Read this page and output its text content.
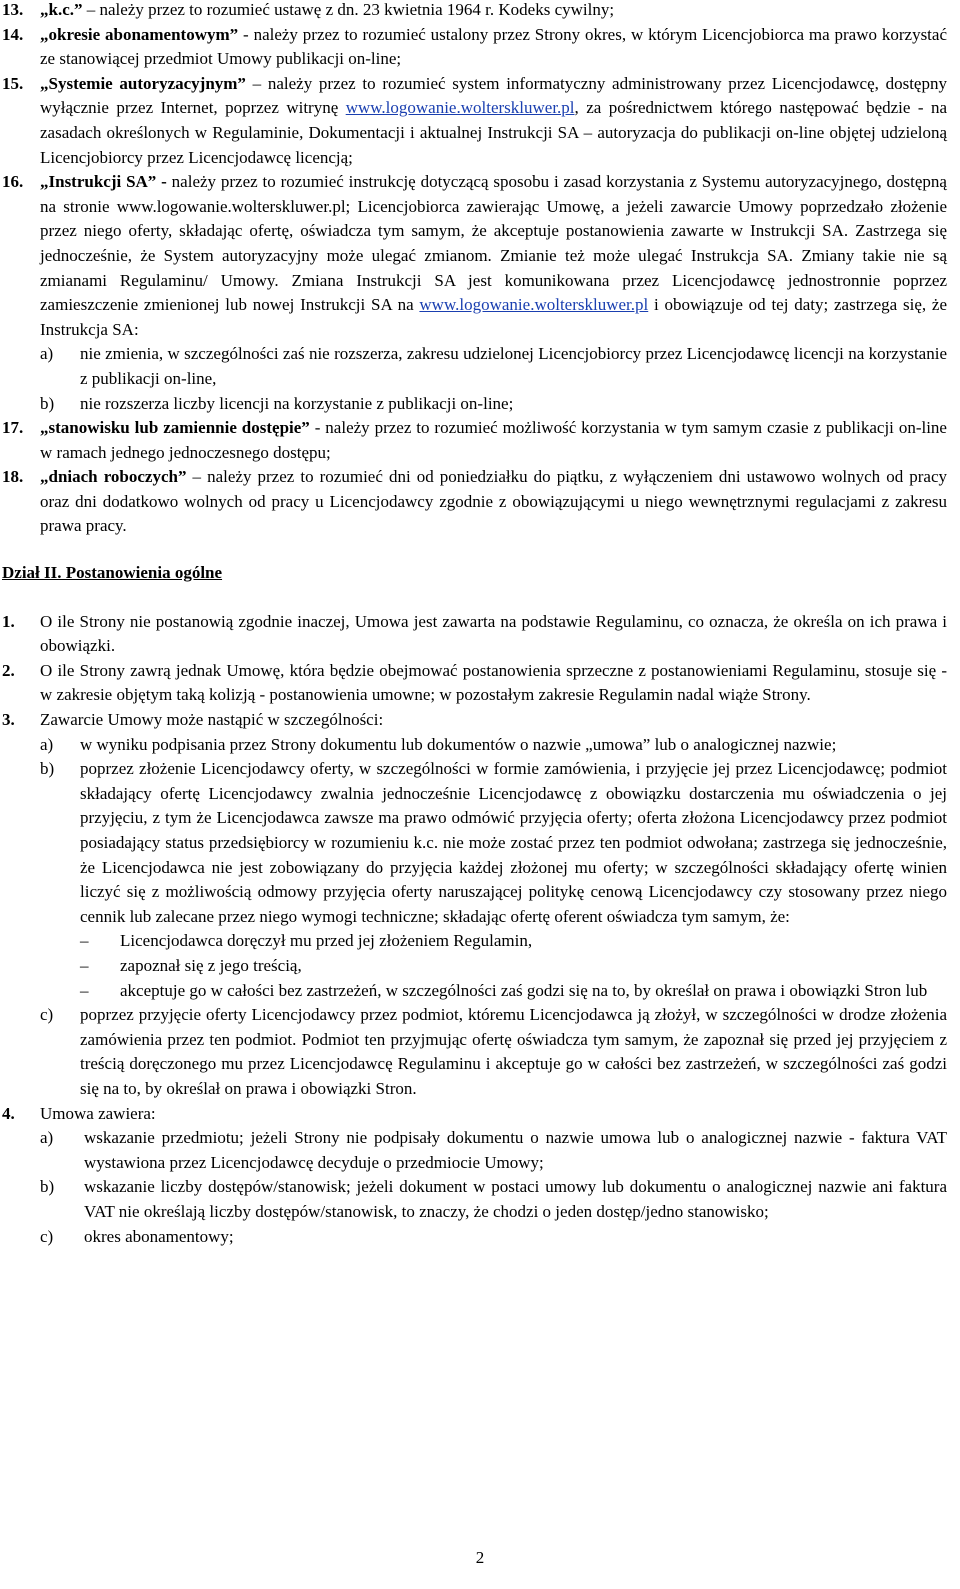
13. „k.c.” – należy przez to rozumieć ustawę z dn. 23 kwietnia 1964 r. Kodeks cywilny;
14. „okresie abonamentowym” - należy przez to rozumieć ustalony przez Strony okres, w którym Licencjobiorca ma prawo korzystać ze stanowiącej przedmiot Umowy publikacji on-line;
15. „Systemie autoryzacyjnym” – należy przez to rozumieć system informatyczny administrowany przez Licencjodawcę, dostępny wyłącznie przez Internet, poprzez witrynę www.logowanie.wolterskluwer.pl, za pośrednictwem którego następować będzie - na zasadach określonych w Regulaminie, Dokumentacji i aktualnej Instrukcji SA – autoryzacja do publikacji on-line objętej udzieloną Licencjobiorcy przez Licencjodawcę licencją;
16. „Instrukcji SA” - należy przez to rozumieć instrukcję dotyczącą sposobu i zasad korzystania z Systemu autoryzacyjnego, dostępną na stronie www.logowanie.wolterskluwer.pl; Licencjobiorca zawierając Umowę, a jeżeli zawarcie Umowy poprzedzało złożenie przez niego oferty, składając ofertę, oświadcza tym samym, że akceptuje postanowienia zawarte w Instrukcji SA. Zastrzega się jednocześnie, że System autoryzacyjny może ulegać zmianom. Zmianie też może ulegać Instrukcja SA. Zmiany takie nie są zmianami Regulaminu/ Umowy. Zmiana Instrukcji SA jest komunikowana przez Licencjodawcę jednostronnie poprzez zamieszczenie zmienionej lub nowej Instrukcji SA na www.logowanie.wolterskluwer.pl i obowiązuje od tej daty; zastrzega się, że Instrukcja SA:
a)	nie zmienia, w szczególności zaś nie rozszerza, zakresu udzielonej Licencjobiorcy przez Licencjodawcę licencji na korzystanie z publikacji on-line,
b)	nie rozszerza liczby licencji na korzystanie z publikacji on-line;
17. „stanowisku lub zamiennie dostępie” - należy przez to rozumieć możliwość korzystania w tym samym czasie z publikacji on-line w ramach jednego jednoczesnego dostępu;
18. „dniach roboczych” – należy przez to rozumieć dni od poniedziałku do piątku, z wyłączeniem dni ustawowo wolnych od pracy oraz dni dodatkowo wolnych od pracy u Licencjodawcy zgodnie z obowiązującymi u niego wewnętrznymi regulacjami z zakresu prawa pracy.
Dział II. Postanowienia ogólne
1.	O ile Strony nie postanowią zgodnie inaczej, Umowa jest zawarta na podstawie Regulaminu, co oznacza, że określa on ich prawa i obowiązki.
2.	O ile Strony zawrą jednak Umowę, która będzie obejmować postanowienia sprzeczne z postanowieniami Regulaminu, stosuje się - w zakresie objętym taką kolizją - postanowienia umowne; w pozostałym zakresie Regulamin nadal wiąże Strony.
3.	Zawarcie Umowy może nastąpić w szczególności:
a)	w wyniku podpisania przez Strony dokumentu lub dokumentów o nazwie „umowa” lub o analogicznej nazwie;
b)	poprzez złożenie Licencjodawcy oferty, w szczególności w formie zamówienia, i przyjęcie jej przez Licencjodawcę; podmiot składający ofertę Licencjodawcy zwalnia jednocześnie Licencjodawcę z obowiązku dostarczenia mu oświadczenia o jej przyjęciu, z tym że Licencjodawca zawsze ma prawo odmówić przyjęcia oferty; oferta złożona Licencjodawcy przez podmiot posiadający status przedsiębiorcy w rozumieniu k.c. nie może zostać przez ten podmiot odwołana; zastrzega się jednocześnie, że Licencjodawca nie jest zobowiązany do przyjęcia każdej złożonej mu oferty; w szczególności składający ofertę winien liczyć się z możliwością odmowy przyjęcia oferty naruszającej politykę cenową Licencjodawcy czy stosowany przez niego cennik lub zalecane przez niego wymogi techniczne; składając ofertę oferent oświadcza tym samym, że:
–	Licencjodawca doręczył mu przed jej złożeniem Regulamin,
–	zapoznał się z jego treścią,
–	akceptuje go w całości bez zastrzeżeń, w szczególności zaś godzi się na to, by określał on prawa i obowiązki Stron lub
c)	poprzez przyjęcie oferty Licencjodawcy przez podmiot, któremu Licencjodawca ją złożył, w szczególności w drodze złożenia zamówienia przez ten podmiot. Podmiot ten przyjmując ofertę oświadcza tym samym, że zapoznał się przed jej przyjęciem z treścią doręczonego mu przez Licencjodawcę Regulaminu i akceptuje go w całości bez zastrzeżeń, w szczególności zaś godzi się na to, by określał on prawa i obowiązki Stron.
4.	Umowa zawiera:
a)	wskazanie przedmiotu; jeżeli Strony nie podpisały dokumentu o nazwie umowa lub o analogicznej nazwie - faktura VAT wystawiona przez Licencjodawcę decyduje o przedmiocie Umowy;
b)	wskazanie liczby dostępów/stanowisk; jeżeli dokument w postaci umowy lub dokumentu o analogicznej nazwie ani faktura VAT nie określają liczby dostępów/stanowisk, to znaczy, że chodzi o jeden dostęp/jedno stanowisko;
c)	okres abonamentowy;
2
